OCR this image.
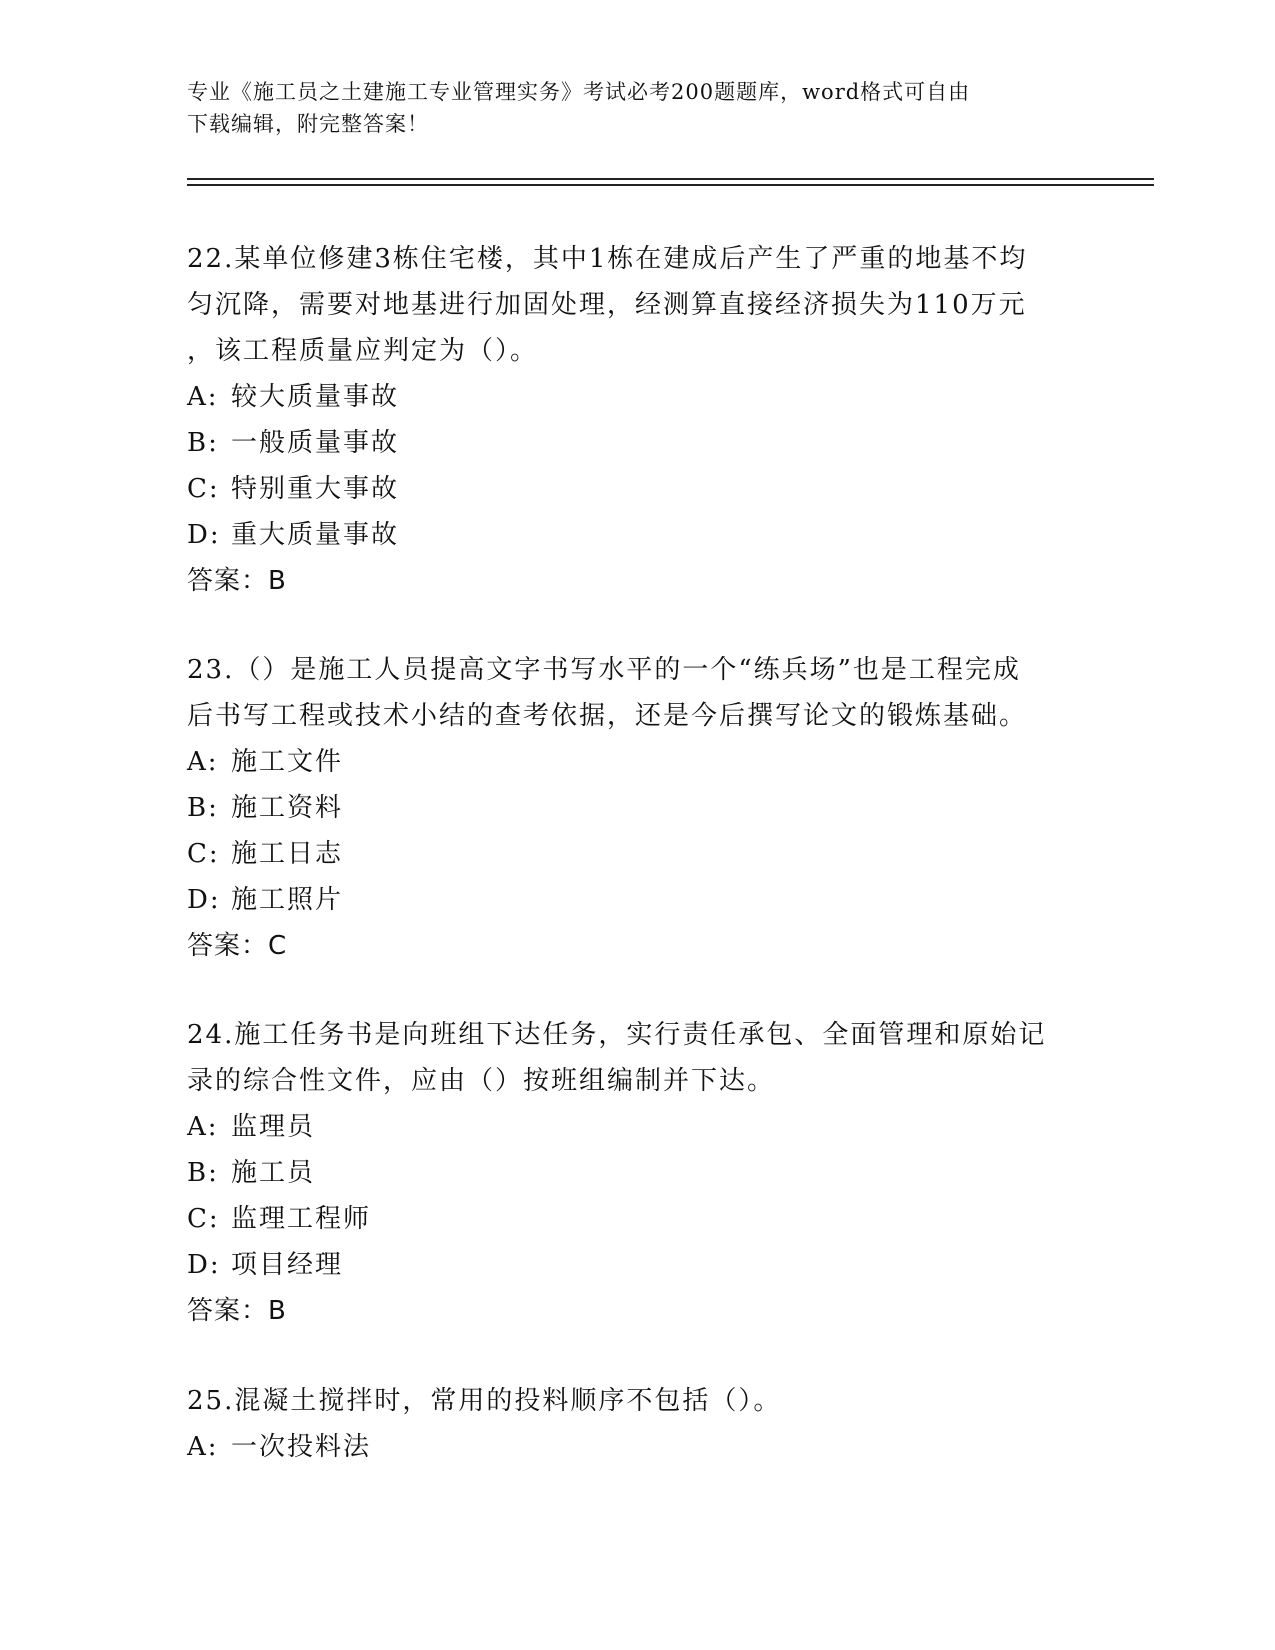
专业《施工员之土建施工专业管理实务》考试必考200题题库，word格式可自由
下载编辑，附完整答案！

22.某单位修建3栋住宅楼，其中1栋在建成后产生了严重的地基不均

匀沉降，需要对地基进行加固处理，经测算直接经济损失为110万元

，该工程质量应判定为（）。

A: 较大质量事故

B: 一般质量事故

C: 特别重大事故

D: 重大质量事故

答案：B

23.（）是施工人员提高文字书写水平的一个“练兵场”也是工程完成

后书写工程或技术小结的查考依据，还是今后撰写论文的锻炼基础。

A: 施工文件

B: 施工资料

C: 施工日志

D: 施工照片

答案：C

24.施工任务书是向班组下达任务，实行责任承包、全面管理和原始记

录的综合性文件，应由（）按班组编制并下达。

A: 监理员

B: 施工员

C: 监理工程师

D: 项目经理

答案：B

25.混凝土搅拌时，常用的投料顺序不包括（）。

A: 一次投料法
